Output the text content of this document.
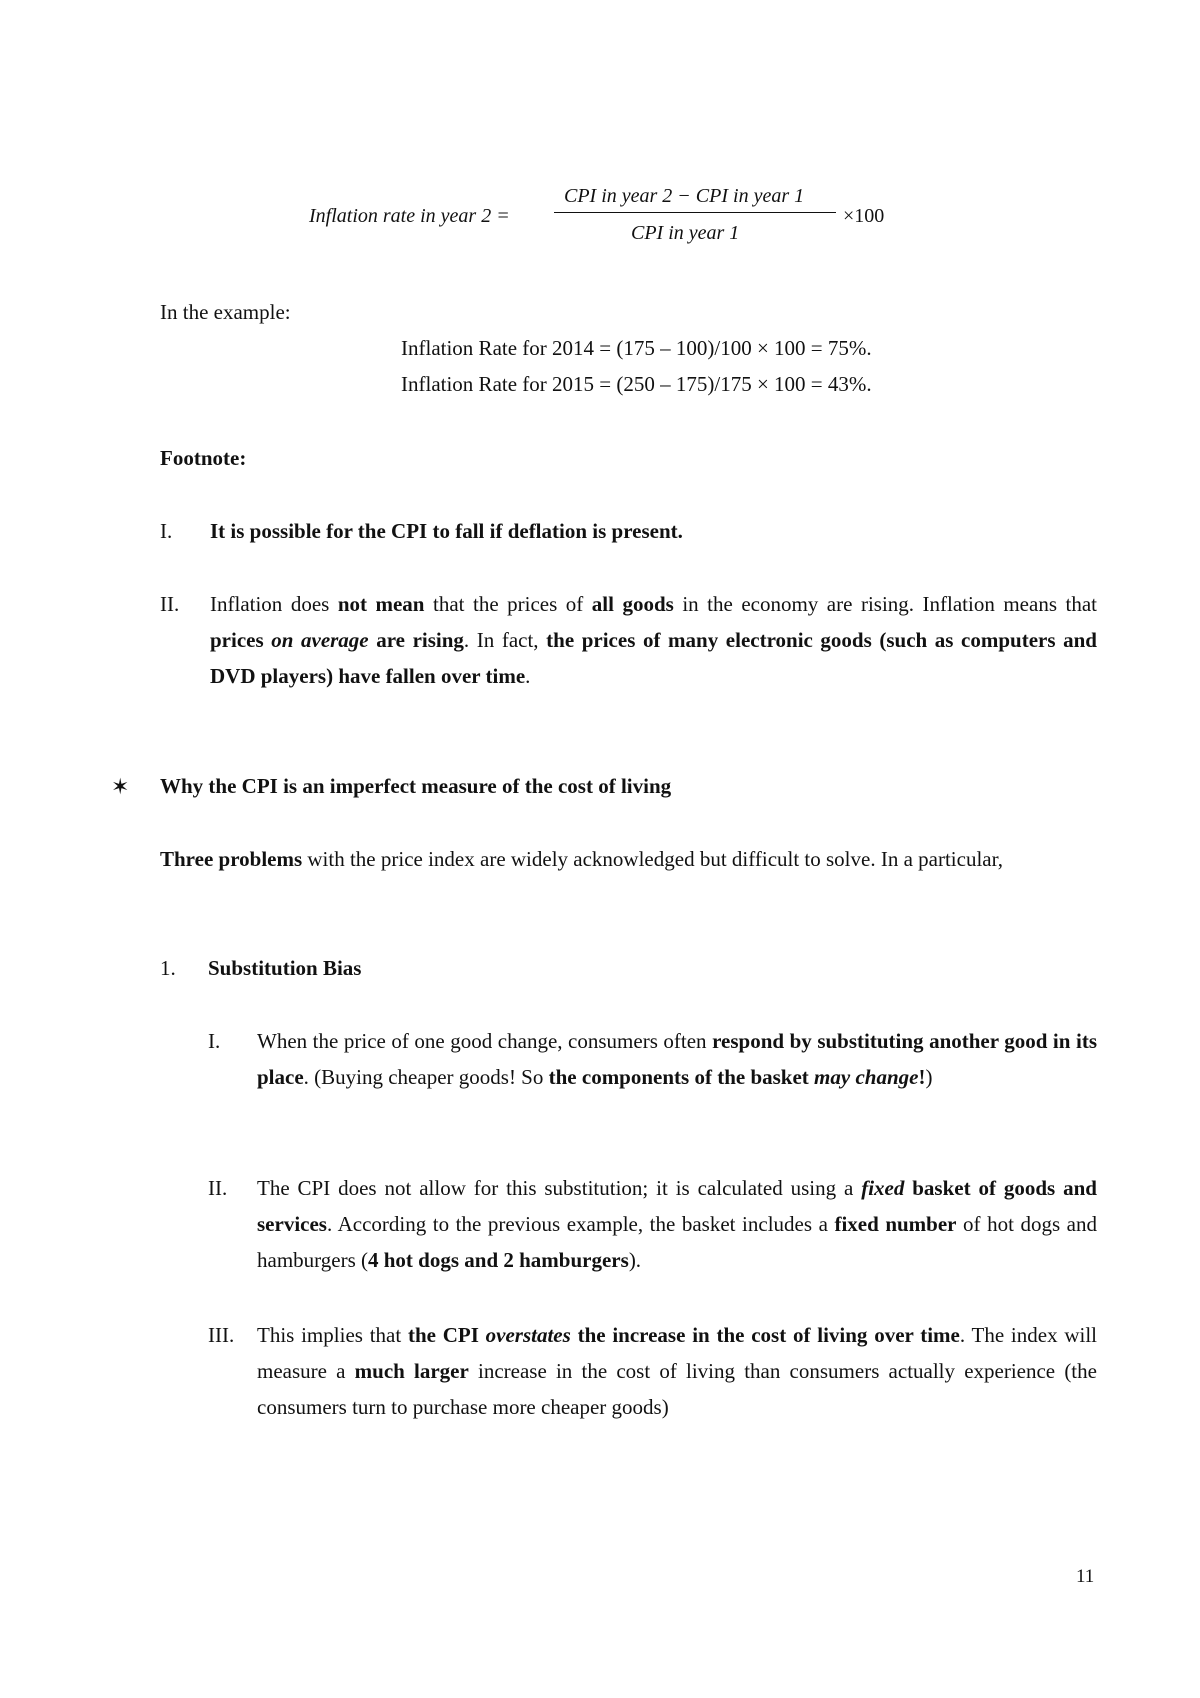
Inflation rate in year 2 =
CPI in year 2 − CPI in year 1
CPI in year 1
×100
In the example:
Inflation Rate for 2014 = (175 – 100)/100 × 100 = 75%.
Inflation Rate for 2015 = (250 – 175)/175 × 100 = 43%.
Footnote:
I. It is possible for the CPI to fall if deflation is present.
II. Inflation does not mean that the prices of all goods in the economy are rising. Inflation means that prices on average are rising. In fact, the prices of many electronic goods (such as computers and DVD players) have fallen over time.
✶ Why the CPI is an imperfect measure of the cost of living
Three problems with the price index are widely acknowledged but difficult to solve. In a particular,
1. Substitution Bias
I. When the price of one good change, consumers often respond by substituting another good in its place. (Buying cheaper goods! So the components of the basket may change!)
II. The CPI does not allow for this substitution; it is calculated using a fixed basket of goods and services. According to the previous example, the basket includes a fixed number of hot dogs and hamburgers (4 hot dogs and 2 hamburgers).
III. This implies that the CPI overstates the increase in the cost of living over time. The index will measure a much larger increase in the cost of living than consumers actually experience (the consumers turn to purchase more cheaper goods)
11
